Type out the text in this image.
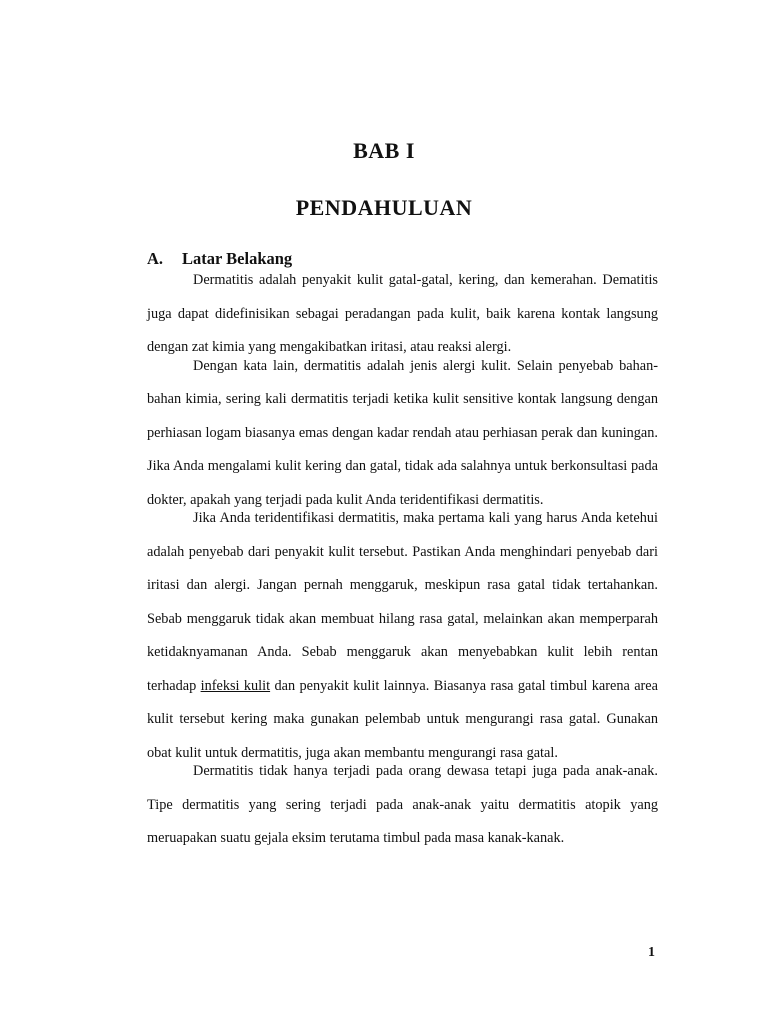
BAB I
PENDAHULUAN
A. Latar Belakang

Dermatitis adalah penyakit kulit gatal-gatal, kering, dan kemerahan. Dematitis juga dapat didefinisikan sebagai peradangan pada kulit, baik karena kontak langsung dengan zat kimia yang mengakibatkan iritasi, atau reaksi alergi.

Dengan kata lain, dermatitis adalah jenis alergi kulit. Selain penyebab bahan-bahan kimia, sering kali dermatitis terjadi ketika kulit sensitive kontak langsung dengan perhiasan logam biasanya emas dengan kadar rendah atau perhiasan perak dan kuningan. Jika Anda mengalami kulit kering dan gatal, tidak ada salahnya untuk berkonsultasi pada dokter, apakah yang terjadi pada kulit Anda teridentifikasi dermatitis.

Jika Anda teridentifikasi dermatitis, maka pertama kali yang harus Anda ketehui adalah penyebab dari penyakit kulit tersebut. Pastikan Anda menghindari penyebab dari iritasi dan alergi. Jangan pernah menggaruk, meskipun rasa gatal tidak tertahankan. Sebab menggaruk tidak akan membuat hilang rasa gatal, melainkan akan memperparah ketidaknyamanan Anda. Sebab menggaruk akan menyebabkan kulit lebih rentan terhadap infeksi kulit dan penyakit kulit lainnya. Biasanya rasa gatal timbul karena area kulit tersebut kering maka gunakan pelembab untuk mengurangi rasa gatal. Gunakan obat kulit untuk dermatitis, juga akan membantu mengurangi rasa gatal.

Dermatitis tidak hanya terjadi pada orang dewasa tetapi juga pada anak-anak. Tipe dermatitis yang sering terjadi pada anak-anak yaitu dermatitis atopik yang meruapakan suatu gejala eksim terutama timbul pada masa kanak-kanak.

1
